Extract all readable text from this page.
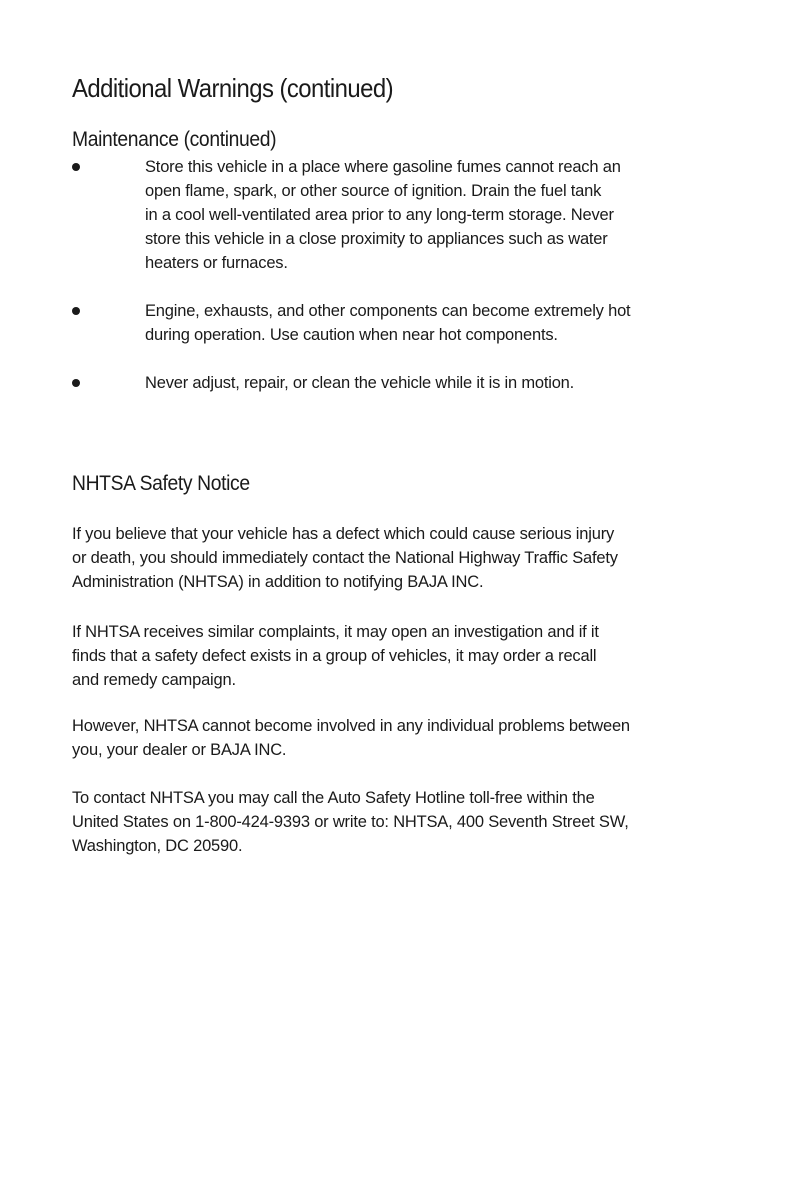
Additional Warnings (continued)
Maintenance (continued)
Store this vehicle in a place where gasoline fumes cannot reach an
open flame, spark, or other source of ignition. Drain the fuel tank
in a cool well-ventilated area prior to any long-term storage. Never
store this vehicle in a close proximity to appliances such as water
heaters or furnaces.
Engine, exhausts, and other components can become extremely hot
during operation. Use caution when near hot components.
Never adjust, repair, or clean the vehicle while it is in motion.
NHTSA Safety Notice

If you believe that your vehicle has a defect which could cause serious injury
or death, you should immediately contact the National Highway Traffic Safety
Administration (NHTSA) in addition to notifying BAJA INC.

If NHTSA receives similar complaints, it may open an investigation and if it
finds that a safety defect exists in a group of vehicles, it may order a recall
and remedy campaign.

However, NHTSA cannot become involved in any individual problems between
you, your dealer or BAJA INC.

To contact NHTSA you may call the Auto Safety Hotline toll-free within the
United States on 1-800-424-9393 or write to: NHTSA, 400 Seventh Street SW,
Washington, DC 20590.
